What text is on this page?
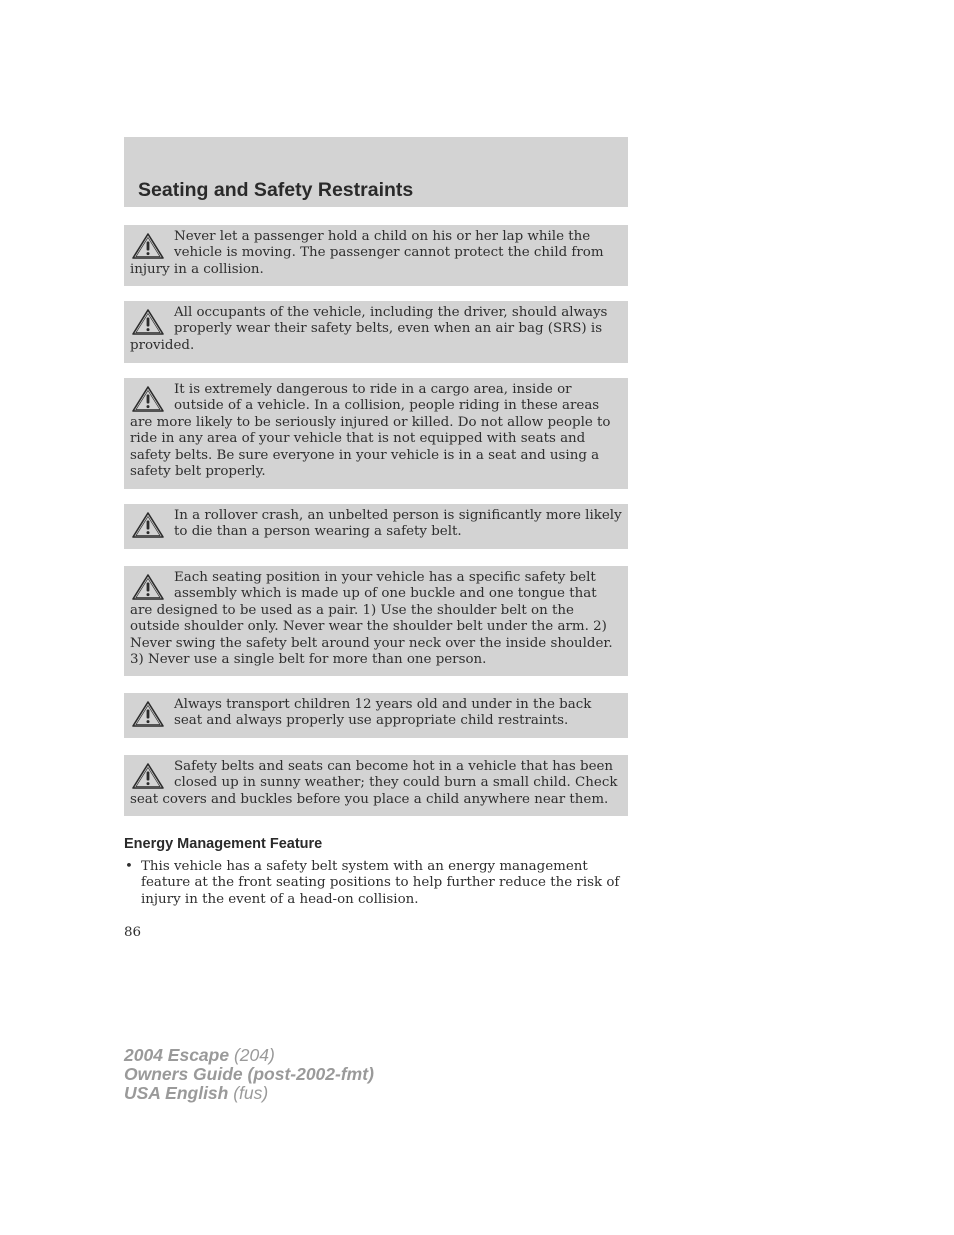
Seating and Safety Restraints

Never let a passenger hold a child on his or her lap while the vehicle is moving. The passenger cannot protect the child from injury in a collision.

All occupants of the vehicle, including the driver, should always properly wear their safety belts, even when an air bag (SRS) is provided.

It is extremely dangerous to ride in a cargo area, inside or outside of a vehicle. In a collision, people riding in these areas are more likely to be seriously injured or killed. Do not allow people to ride in any area of your vehicle that is not equipped with seats and safety belts. Be sure everyone in your vehicle is in a seat and using a safety belt properly.

In a rollover crash, an unbelted person is significantly more likely to die than a person wearing a safety belt.

Each seating position in your vehicle has a specific safety belt assembly which is made up of one buckle and one tongue that are designed to be used as a pair. 1) Use the shoulder belt on the outside shoulder only. Never wear the shoulder belt under the arm. 2) Never swing the safety belt around your neck over the inside shoulder. 3) Never use a single belt for more than one person.

Always transport children 12 years old and under in the back seat and always properly use appropriate child restraints.

Safety belts and seats can become hot in a vehicle that has been closed up in sunny weather; they could burn a small child. Check seat covers and buckles before you place a child anywhere near them.

Energy Management Feature
• This vehicle has a safety belt system with an energy management feature at the front seating positions to help further reduce the risk of injury in the event of a head-on collision.

86

2004 Escape (204)
Owners Guide (post-2002-fmt)
USA English (fus)
